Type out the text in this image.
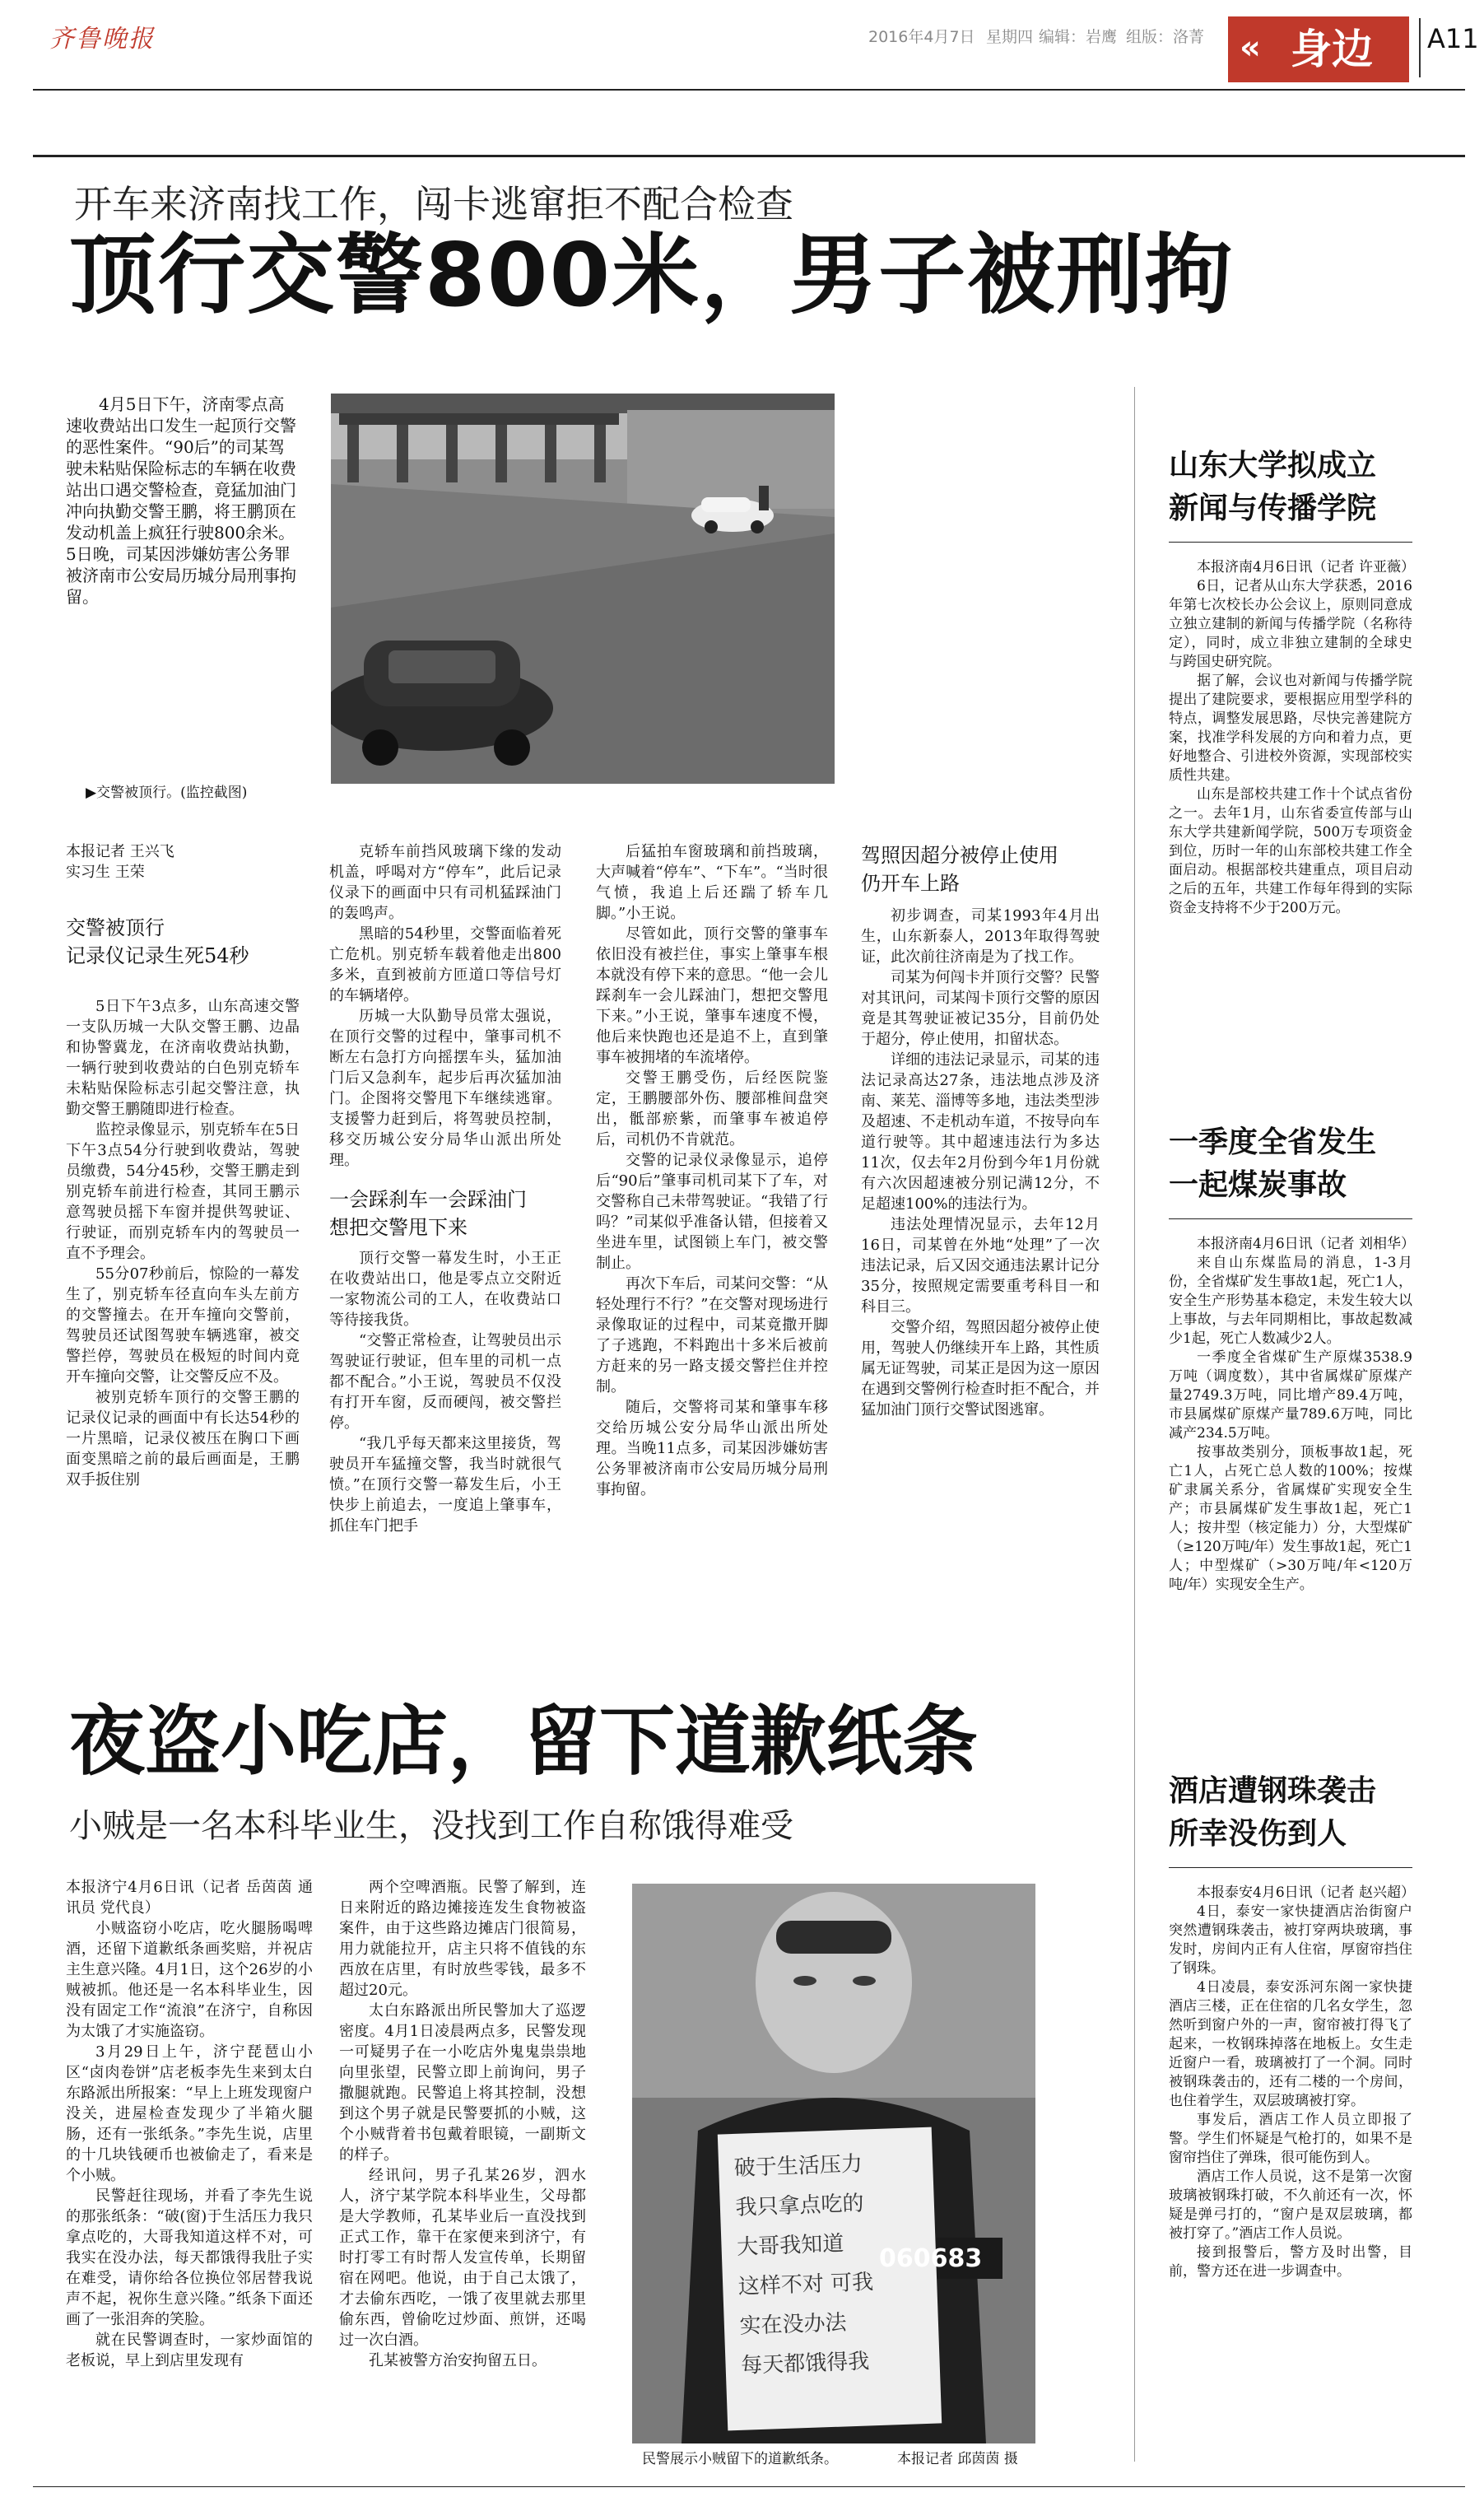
齐鲁晚报	2016年4月7日 星期四 编辑：岩鹰 组版：洛菁 « 身边 A11
开车来济南找工作，闯卡逃窜拒不配合检查
顶行交警800米，男子被刑拘
4月5日下午，济南零点高速收费站出口发生一起顶行交警的恶性案件。“90后”的司某驾驶未粘贴保险标志的车辆在收费站出口遇交警检查，竟猛加油门冲向执勤交警王鹏，将王鹏顶在发动机盖上疯狂行驶800余米。5日晚，司某因涉嫌妨害公务罪被济南市公安局历城分局刑事拘留。
▶交警被顶行。(监控截图)
本报记者 王兴飞
实习生 王荣
交警被顶行
记录仪记录生死54秒

5日下午3点多，山东高速交警一支队历城一大队交警王鹏、边晶和协警冀龙，在济南收费站执勤，一辆行驶到收费站的白色别克轿车未粘贴保险标志引起交警注意，执勤交警王鹏随即进行检查。

监控录像显示，别克轿车在5日下午3点54分行驶到收费站，驾驶员缴费，54分45秒，交警王鹏走到别克轿车前进行检查，其同王鹏示意驾驶员摇下车窗并提供驾驶证、行驶证，而别克轿车内的驾驶员一直不予理会。

55分07秒前后，惊险的一幕发生了，别克轿车径直向车头左前方的交警撞去。在开车撞向交警前，驾驶员还试图驾驶车辆逃窜，被交警拦停，驾驶员在极短的时间内竟开车撞向交警，让交警反应不及。

被别克轿车顶行的交警王鹏的记录仪记录的画面中有长达54秒的一片黑暗，记录仪被压在胸口下画面变黑暗之前的最后画面是，王鹏双手扳住别

克轿车前挡风玻璃下缘的发动机盖，呼喝对方“停车”，此后记录仪录下的画面中只有司机猛踩油门的轰鸣声。

黑暗的54秒里，交警面临着死亡危机。别克轿车载着他走出800多米，直到被前方匝道口等信号灯的车辆堵停。

历城一大队勤导员常太强说，在顶行交警的过程中，肇事司机不断左右急打方向摇摆车头，猛加油门后又急刹车，起步后再次猛加油门。企图将交警甩下车继续逃窜。支援警力赶到后，将驾驶员控制，移交历城公安分局华山派出所处理。

一会踩刹车一会踩油门
想把交警甩下来

顶行交警一幕发生时，小王正在收费站出口，他是零点立交附近一家物流公司的工人，在收费站口等待接我货。

“交警正常检查，让驾驶员出示驾驶证行驶证，但车里的司机一点都不配合。”小王说，驾驶员不仅没有打开车窗，反而硬闯，被交警拦停。

“我几乎每天都来这里接货，驾驶员开车猛撞交警，我当时就很气愤。”在顶行交警一幕发生后，小王快步上前追去，一度追上肇事车，抓住车门把手

后猛拍车窗玻璃和前挡玻璃，大声喊着“停车”、“下车”。“当时很气愤，我追上后还踹了轿车几脚。”小王说。

尽管如此，顶行交警的肇事车依旧没有被拦住，事实上肇事车根本就没有停下来的意思。“他一会儿踩刹车一会儿踩油门，想把交警甩下来。”小王说，肇事车速度不慢，他后来快跑也还是追不上，直到肇事车被拥堵的车流堵停。

交警王鹏受伤，后经医院鉴定，王鹏腰部外伤、腰部椎间盘突出，骶部瘀紫，而肇事车被追停后，司机仍不肯就范。

交警的记录仪录像显示，追停后“90后”肇事司机司某下了车，对交警称自己未带驾驶证。“我错了行吗？”司某似乎准备认错，但接着又坐进车里，试图锁上车门，被交警制止。

再次下车后，司某问交警：“从轻处理行不行？”在交警对现场进行录像取证的过程中，司某竟撒开脚了子逃跑，不料跑出十多米后被前方赶来的另一路支援交警拦住并控制。

随后，交警将司某和肇事车移交给历城公安分局华山派出所处理。当晚11点多，司某因涉嫌妨害公务罪被济南市公安局历城分局刑事拘留。

驾照因超分被停止使用
仍开车上路

初步调查，司某1993年4月出生，山东新泰人，2013年取得驾驶证，此次前往济南是为了找工作。

司某为何闯卡并顶行交警？民警对其讯问，司某闯卡顶行交警的原因竟是其驾驶证被记35分，目前仍处于超分，停止使用，扣留状态。

详细的违法记录显示，司某的违法记录高达27条，违法地点涉及济南、莱芜、淄博等多地，违法类型涉及超速、不走机动车道，不按导向车道行驶等。其中超速违法行为多达11次，仅去年2月份到今年1月份就有六次因超速被分别记满12分，不足超速100%的违法行为。

违法处理情况显示，去年12月16日，司某曾在外地“处理”了一次违法记录，后又因交通违法累计记分35分，按照规定需要重考科目一和科目三。

交警介绍，驾照因超分被停止使用，驾驶人仍继续开车上路，其性质属无证驾驶，司某正是因为这一原因在遇到交警例行检查时拒不配合，并猛加油门顶行交警试图逃窜。

山东大学拟成立
新闻与传播学院

本报济南4月6日讯（记者 许亚薇）

6日，记者从山东大学获悉，2016年第七次校长办公会议上，原则同意成立独立建制的新闻与传播学院（名称待定），同时，成立非独立建制的全球史与跨国史研究院。

据了解，会议也对新闻与传播学院提出了建院要求，要根据应用型学科的特点，调整发展思路，尽快完善建院方案，找准学科发展的方向和着力点，更好地整合、引进校外资源，实现部校实质性共建。

山东是部校共建工作十个试点省份之一。去年1月，山东省委宣传部与山东大学共建新闻学院，500万专项资金到位，历时一年的山东部校共建工作全面启动。根据部校共建重点，项目启动之后的五年，共建工作每年得到的实际资金支持将不少于200万元。

一季度全省发生
一起煤炭事故

本报济南4月6日讯（记者 刘相华）

来自山东煤监局的消息，1-3月份，全省煤矿发生事故1起，死亡1人，安全生产形势基本稳定，未发生较大以上事故，与去年同期相比，事故起数减少1起，死亡人数减少2人。

一季度全省煤矿生产原煤3538.9万吨（调度数），其中省属煤矿原煤产量2749.3万吨，同比增产89.4万吨，市县属煤矿原煤产量789.6万吨，同比减产234.5万吨。

按事故类别分，顶板事故1起，死亡1人，占死亡总人数的100%；按煤矿隶属关系分，省属煤矿实现安全生产；市县属煤矿发生事故1起，死亡1人；按井型（核定能力）分，大型煤矿（≥120万吨/年）发生事故1起，死亡1人；中型煤矿（>30万吨/年<120万吨/年）实现安全生产。

酒店遭钢珠袭击
所幸没伤到人

本报泰安4月6日讯（记者 赵兴超）

4日，泰安一家快捷酒店治街窗户突然遭钢珠袭击，被打穿两块玻璃，事发时，房间内正有人住宿，厚窗帘挡住了钢珠。

4日凌晨，泰安泺河东阁一家快捷酒店三楼，正在住宿的几名女学生，忽然听到窗户外的一声，窗帘被打得飞了起来，一枚钢珠掉落在地板上。女生走近窗户一看，玻璃被打了一个洞。同时被钢珠袭击的，还有二楼的一个房间，也住着学生，双层玻璃被打穿。

事发后，酒店工作人员立即报了警。学生们怀疑是气枪打的，如果不是窗帘挡住了弹珠，很可能伤到人。

酒店工作人员说，这不是第一次窗玻璃被钢珠打破，不久前还有一次，怀疑是弹弓打的，“窗户是双层玻璃，都被打穿了。”酒店工作人员说。

接到报警后，警方及时出警，目前，警方还在进一步调查中。

夜盗小吃店，留下道歉纸条
小贼是一名本科毕业生，没找到工作自称饿得难受
本报济宁4月6日讯（记者 岳茵茵 通讯员 党代良）

小贼盗窃小吃店，吃火腿肠喝啤酒，还留下道歉纸条画奖赔，并祝店主生意兴隆。4月1日，这个26岁的小贼被抓。他还是一名本科毕业生，因没有固定工作“流浪”在济宁，自称因为太饿了才实施盗窃。

3月29日上午，济宁琵琶山小区“卤肉卷饼”店老板李先生来到太白东路派出所报案：“早上上班发现窗户没关，进屋检查发现少了半箱火腿肠，还有一张纸条。”李先生说，店里的十几块钱硬币也被偷走了，看来是个小贼。

民警赶往现场，并看了李先生说的那张纸条：“破(窗)于生活压力我只拿点吃的，大哥我知道这样不对，可我实在没办法，每天都饿得我肚子实在难受，请你给各位换位邻居替我说声不起，祝你生意兴隆。”纸条下面还画了一张泪奔的笑脸。

就在民警调查时，一家炒面馆的老板说，早上到店里发现有

两个空啤酒瓶。民警了解到，连日来附近的路边摊接连发生食物被盗案件，由于这些路边摊店门很简易，用力就能拉开，店主只将不值钱的东西放在店里，有时放些零钱，最多不超过20元。

太白东路派出所民警加大了巡逻密度。4月1日凌晨两点多，民警发现一可疑男子在一小吃店外鬼鬼祟祟地向里张望，民警立即上前询问，男子撒腿就跑。民警追上将其控制，没想到这个男子就是民警要抓的小贼，这个小贼背着书包戴着眼镜，一副斯文的样子。

经讯问，男子孔某26岁，泗水人，济宁某学院本科毕业生，父母都是大学教师，孔某毕业后一直没找到正式工作，靠干在家便来到济宁，有时打零工有时帮人发宣传单，长期留宿在网吧。他说，由于自己太饿了，才去偷东西吃，一饿了夜里就去那里偷东西，曾偷吃过炒面、煎饼，还喝过一次白酒。

孔某被警方治安拘留五日。

060683
破于生活压力
我只拿点吃的
大哥我知道
这样不对 可我
实在没办法
每天都饿得我
民警展示小贼留下的道歉纸条。	本报记者 邱茵茵 摄
